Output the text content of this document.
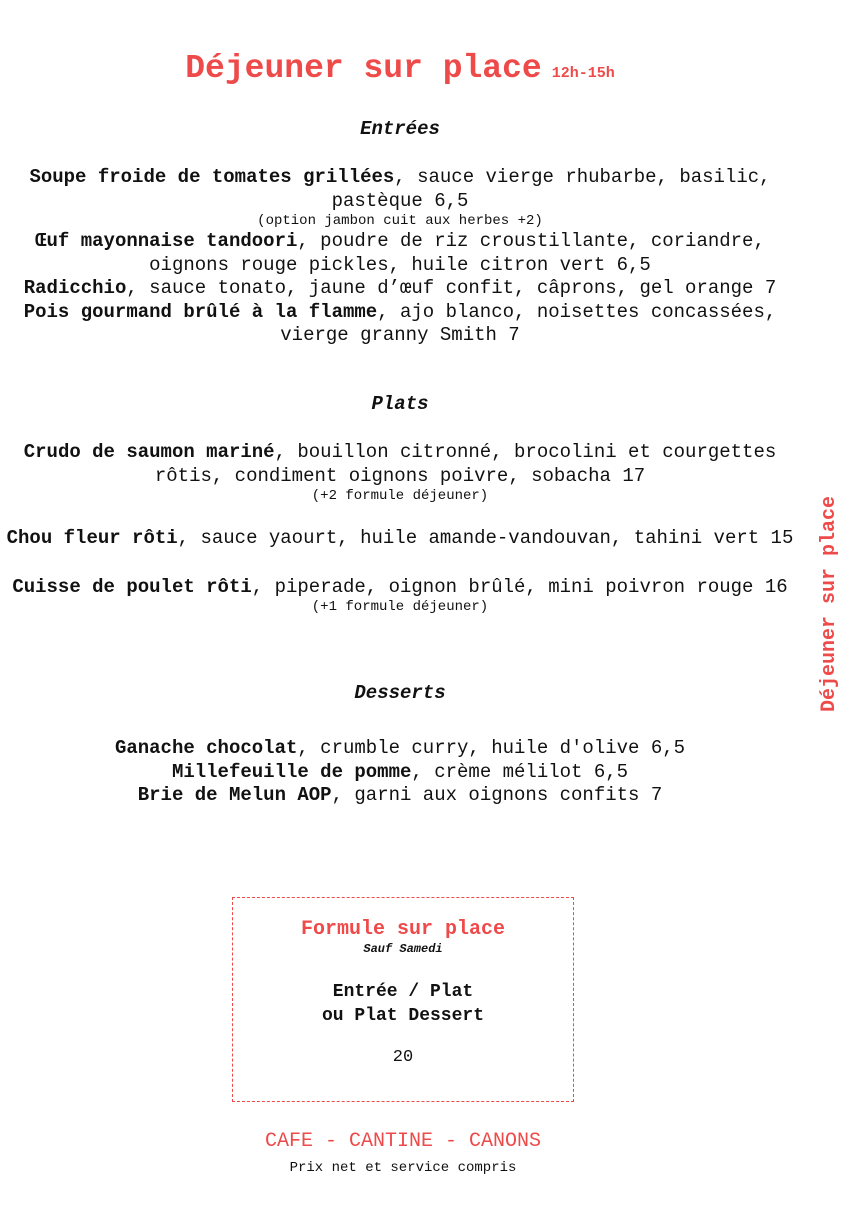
Déjeuner sur place 12h-15h
Entrées
Soupe froide de tomates grillées, sauce vierge rhubarbe, basilic, pastèque 6,5
(option jambon cuit aux herbes +2)
Œuf mayonnaise tandoori, poudre de riz croustillante, coriandre, oignons rouge pickles, huile citron vert 6,5
Radicchio, sauce tonato, jaune d’œuf confit, câprons, gel orange 7
Pois gourmand brûlé à la flamme, ajo blanco, noisettes concassées, vierge granny Smith 7
Plats
Crudo de saumon mariné, bouillon citronné, brocolini et courgettes rôtis, condiment oignons poivre, sobacha 17
(+2 formule déjeuner)
Chou fleur rôti, sauce yaourt, huile amande-vandouvan, tahini vert 15
Cuisse de poulet rôti, piperade, oignon brûlé, mini poivron rouge 16
(+1 formule déjeuner)
Desserts
Ganache chocolat, crumble curry, huile d'olive 6,5
Millefeuille de pomme, crème mélilot 6,5
Brie de Melun AOP, garni aux oignons confits 7
Déjeuner sur place
Formule sur place
Sauf Samedi
Entrée / Plat
ou Plat Dessert
20
CAFE - CANTINE - CANONS
Prix net et service compris
